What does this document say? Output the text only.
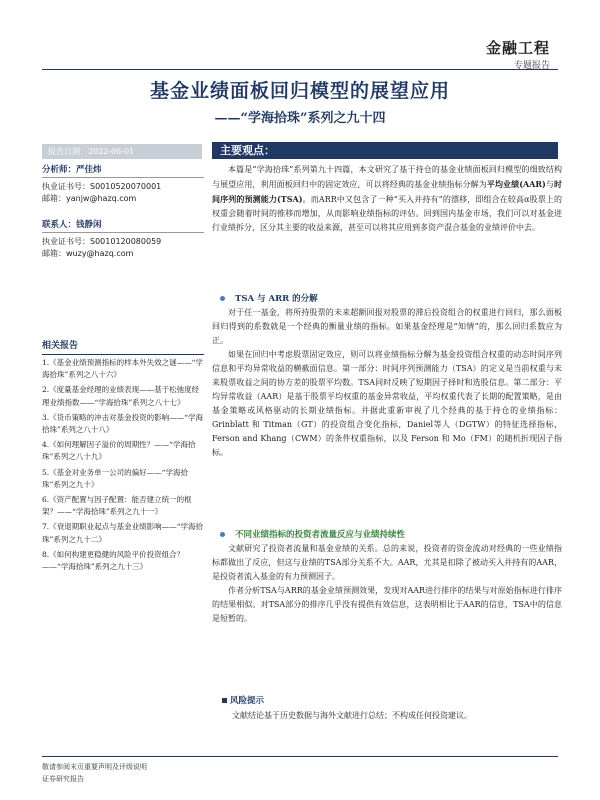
金融工程
专题报告
基金业绩面板回归模型的展望应用
——“学海拾珠”系列之九十四
报告日期：2022-06-01	主要观点：
分析师：严佳炜
执业证书号：S0010520070001
邮箱：yanjw@hazq.com
联系人：钱静闲
执业证书号：S0010120080059
邮箱：wuzy@hazq.com
相关报告
1.《基金业绩预测指标的样本外失效之谜——“学海拾珠”系列之八十六》
2.《度量基金经理的业绩表现——基于松弛度经理业绩指数——“学海拾珠”系列之八十七》
3.《货币策略的冲击对基金投资的影响——“学海拾珠”系列之八十八》
4.《如何理解因子溢价的周期性？——“学海拾珠”系列之八十九》
5.《基金对业务单一公司的偏好——“学海拾珠”系列之九十》
6.《资产配置与因子配置：能否建立统一的框架？——“学海拾珠”系列之九十一》
7.《衰退期职业起点与基金业绩影响——“学海拾珠”系列之九十二》
8.《如何构建更稳健的风险平价投资组合？——“学海拾珠”系列之九十三》

本篇是“学海拾珠”系列第九十四篇，本文研究了基于持仓的基金业绩面板回归模型的细致结构与展望应用，利用面板回归中的固定效应，可以将经典的基金业绩指标分解为平均业绩(AAR)与时间序列的预测能力(TSA)。而ARR中又包含了一种“买入并持有”的漂移，即组合在较高α股票上的权重会随着时间的推移而增加，从而影响业绩指标的评估。回到国内基金市场，我们可以对基金进行业绩拆分，区分其主要的收益来源，甚至可以将其应用到多资产混合基金的业绩评价中去。

TSA 与 ARR 的分解

对于任一基金，将所持股票的未来超额回报对股票的滞后投资组合的权重进行回归，那么面板回归得到的系数就是一个经典的衡量业绩的指标。如果基金经理是“知情”的，那么回归系数应为正。

如果在回归中考虑股票固定效应，则可以将业绩指标分解为基金投资组合权重的动态时间序列信息和平均异常收益的横截面信息。第一部分：时间序列预测能力（TSA）的定义是当前权重与未来股票收益之间的协方差的股票平均数。TSA同时反映了短期因子择时和选股信息。第二部分：平均异常收益（AAR）是基于股票平均权重的基金异常收益，平均权重代表了长期的配置策略，是由基金策略或风格驱动的长期业绩指标。并据此重新审视了几个经典的基于持仓的业绩指标：Grinblatt 和 Titman（GT）的投资组合变化指标，Daniel等人（DGTW）的特征选择指标，Ferson and Khang（CWM）的条件权重指标，以及 Ferson 和 Mo（FM）的随机折现因子指标。

不同业绩指标的投资者流量反应与业绩持续性

文献研究了投资者流量和基金业绩的关系。总的来说，投资者的资金流动对经典的一些业绩指标都做出了反应，但这与业绩的TSA部分关系不大。AAR，尤其是扣除了被动买入并持有的AAR，是投资者流入基金的有力预测因子。

作者分析TSA与ARR的基金业绩预测效果，发现对AAR进行排序的结果与对原始指标进行排序的结果相似。对TSA部分的排序几乎没有提供有效信息，这表明相比于AAR的信息，TSA中的信息是短暂的。

风险提示
文献结论基于历史数据与海外文献进行总结；不构成任何投资建议。
敬请参阅末页重要声明及评级说明
证券研究报告
